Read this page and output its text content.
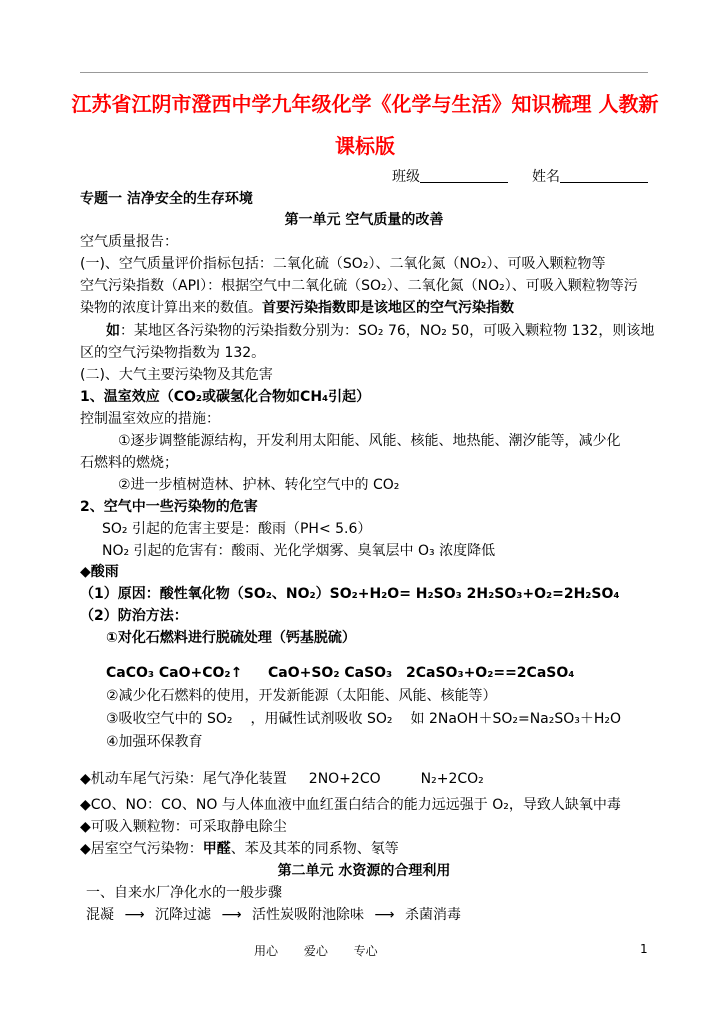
江苏省江阴市澄西中学九年级化学《化学与生活》知识梳理 人教新
课标版
班级	姓名
专题一 洁净安全的生存环境
第一单元 空气质量的改善
空气质量报告：
(一)、空气质量评价指标包括：二氧化硫（SO₂）、二氧化氮（NO₂）、可吸入颗粒物等
空气污染指数（API）：根据空气中二氧化硫（SO₂）、二氧化氮（NO₂）、可吸入颗粒物等污
染物的浓度计算出来的数值。首要污染指数即是该地区的空气污染指数
如：某地区各污染物的污染指数分别为：SO₂ 76，NO₂ 50，可吸入颗粒物 132，则该地
区的空气污染物指数为 132。
(二)、大气主要污染物及其危害
1、温室效应（CO₂或碳氢化合物如CH₄引起）
控制温室效应的措施：
①逐步调整能源结构，开发利用太阳能、风能、核能、地热能、潮汐能等，减少化
石燃料的燃烧；
②进一步植树造林、护林、转化空气中的 CO₂
2、空气中一些污染物的危害
SO₂ 引起的危害主要是：酸雨（PH< 5.6）
NO₂ 引起的危害有：酸雨、光化学烟雾、臭氧层中 O₃ 浓度降低
◆酸雨
（1）原因：酸性氧化物（SO₂、NO₂）SO₂+H₂O= H₂SO₃ 2H₂SO₃+O₂=2H₂SO₄
（2）防治方法：
①对化石燃料进行脱硫处理（钙基脱硫）
CaCO₃ CaO+CO₂↑ CaO+SO₂ CaSO₃ 2CaSO₃+O₂==2CaSO₄
②减少化石燃料的使用，开发新能源（太阳能、风能、核能等）
③吸收空气中的 SO₂ ，用碱性试剂吸收 SO₂ 如 2NaOH＋SO₂=Na₂SO₃＋H₂O
④加强环保教育
◆机动车尾气污染：尾气净化装置 2NO+2CO	N₂+2CO₂
◆CO、NO：CO、NO 与人体血液中血红蛋白结合的能力远远强于 O₂，导致人缺氧中毒
◆可吸入颗粒物：可采取静电除尘
◆居室空气污染物：甲醛、苯及其苯的同系物、氡等
第二单元 水资源的合理利用
一、自来水厂净化水的一般步骤
混凝 ⟶ 沉降过滤 ⟶ 活性炭吸附池除味 ⟶ 杀菌消毒
用心 爱心 专心	1
